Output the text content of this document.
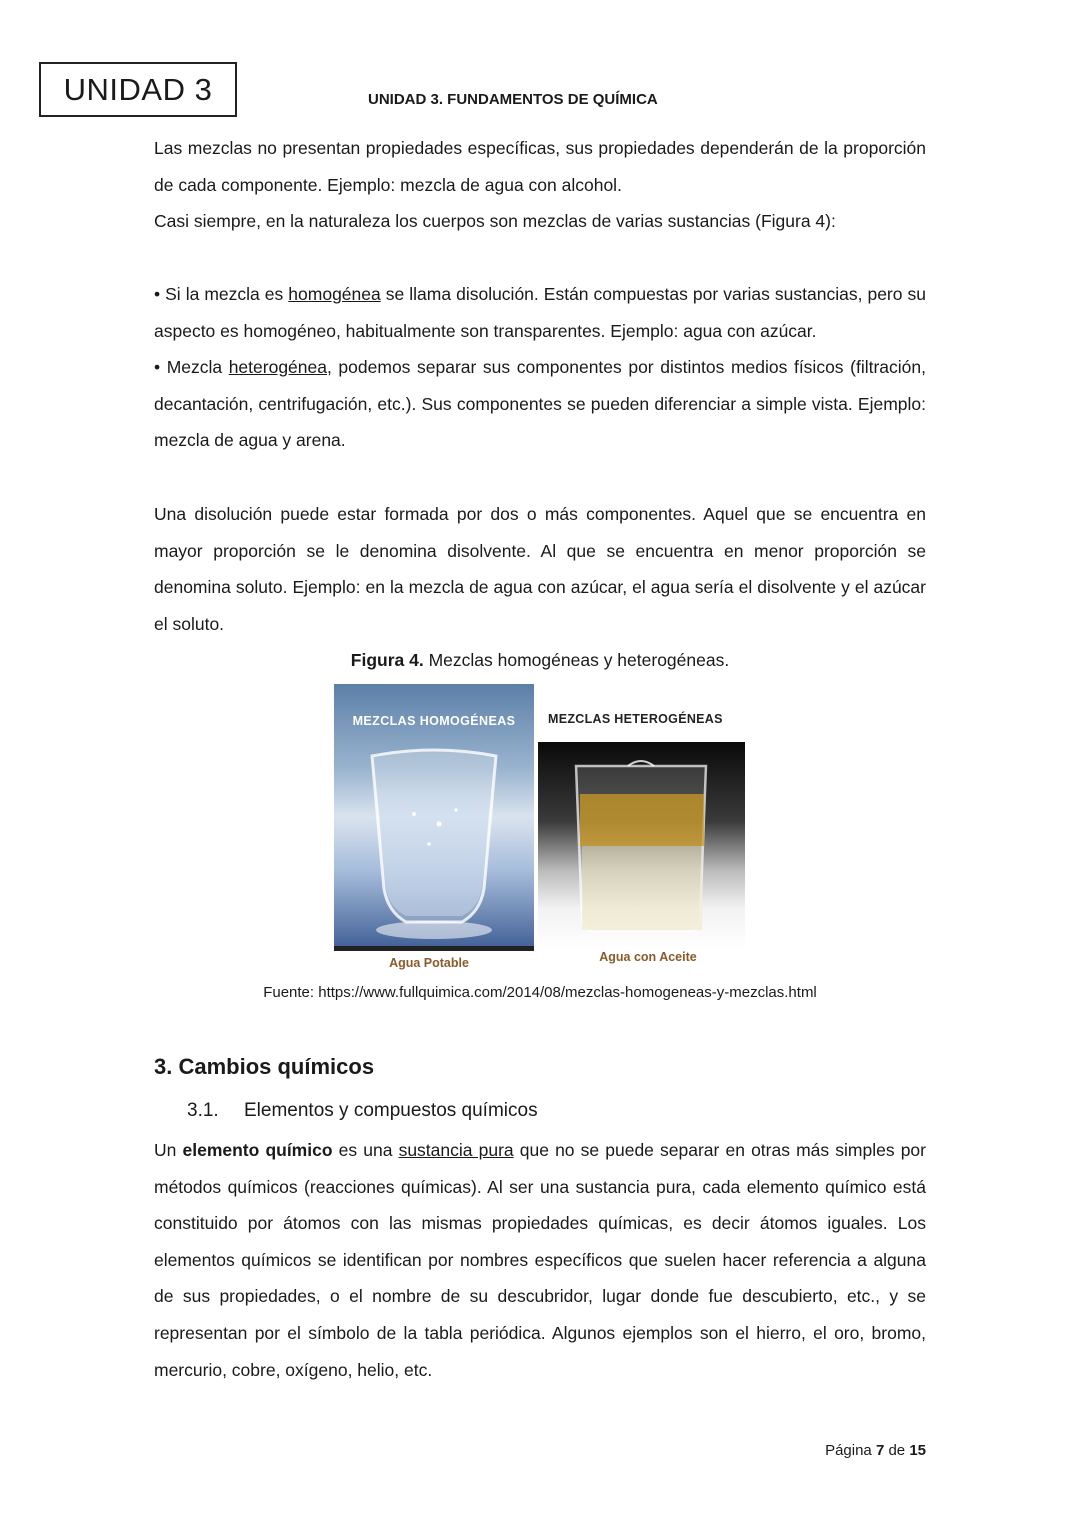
UNIDAD 3	UNIDAD 3. FUNDAMENTOS DE QUÍMICA
Las mezclas no presentan propiedades específicas, sus propiedades dependerán de la proporción de cada componente. Ejemplo: mezcla de agua con alcohol.
Casi siempre, en la naturaleza los cuerpos son mezclas de varias sustancias (Figura 4):
• Si la mezcla es homogénea se llama disolución. Están compuestas por varias sustancias, pero su aspecto es homogéneo, habitualmente son transparentes. Ejemplo: agua con azúcar.
• Mezcla heterogénea, podemos separar sus componentes por distintos medios físicos (filtración, decantación, centrifugación, etc.). Sus componentes se pueden diferenciar a simple vista. Ejemplo: mezcla de agua y arena.
Una disolución puede estar formada por dos o más componentes. Aquel que se encuentra en mayor proporción se le denomina disolvente. Al que se encuentra en menor proporción se denomina soluto. Ejemplo: en la mezcla de agua con azúcar, el agua sería el disolvente y el azúcar el soluto.
Figura 4. Mezclas homogéneas y heterogéneas.
MEZCLAS HOMOGÉNEAS
Agua Potable
MEZCLAS HETEROGÉNEAS
Agua con Aceite
Fuente: https://www.fullquimica.com/2014/08/mezclas-homogeneas-y-mezclas.html
3. Cambios químicos
3.1. Elementos y compuestos químicos
Un elemento químico es una sustancia pura que no se puede separar en otras más simples por métodos químicos (reacciones químicas). Al ser una sustancia pura, cada elemento químico está constituido por átomos con las mismas propiedades químicas, es decir átomos iguales. Los elementos químicos se identifican por nombres específicos que suelen hacer referencia a alguna de sus propiedades, o el nombre de su descubridor, lugar donde fue descubierto, etc., y se representan por el símbolo de la tabla periódica. Algunos ejemplos son el hierro, el oro, bromo, mercurio, cobre, oxígeno, helio, etc.
Página 7 de 15
